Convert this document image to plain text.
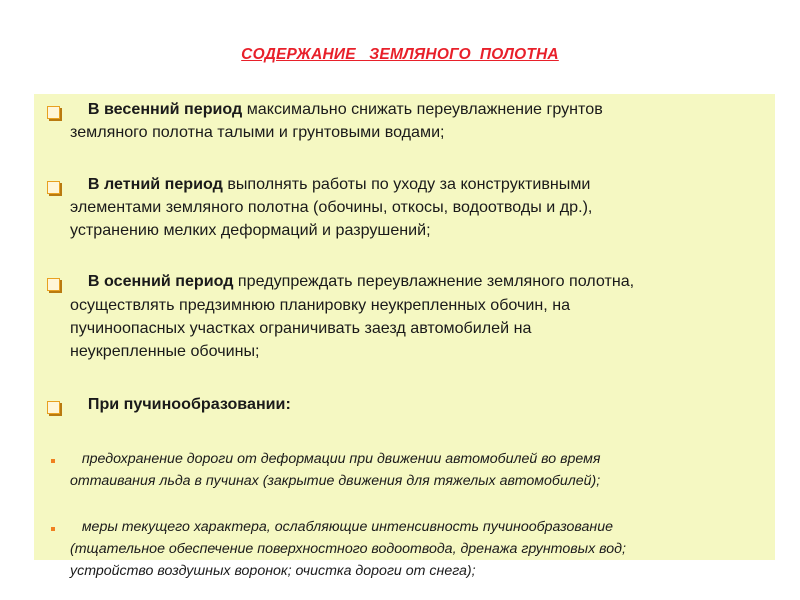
СОДЕРЖАНИЕ   ЗЕМЛЯНОГО  ПОЛОТНА
В весенний период максимально снижать переувлажнение грунтов
земляного полотна талыми и грунтовыми водами;
В летний период выполнять работы по уходу за конструктивными
элементами земляного полотна (обочины, откосы, водоотводы и др.),
устранению мелких деформаций и разрушений;
В осенний период предупреждать переувлажнение земляного полотна,
осуществлять предзимнюю планировку неукрепленных обочин, на
пучиноопасных участках ограничивать заезд автомобилей на
неукрепленные обочины;
При пучинообразовании:
предохранение дороги от деформации при движении автомобилей во время
оттаивания льда в пучинах (закрытие движения для тяжелых автомобилей);
меры текущего характера, ослабляющие интенсивность пучинообразование
(тщательное обеспечение поверхностного водоотвода, дренажа грунтовых вод;
устройство воздушных воронок; очистка дороги от снега);
